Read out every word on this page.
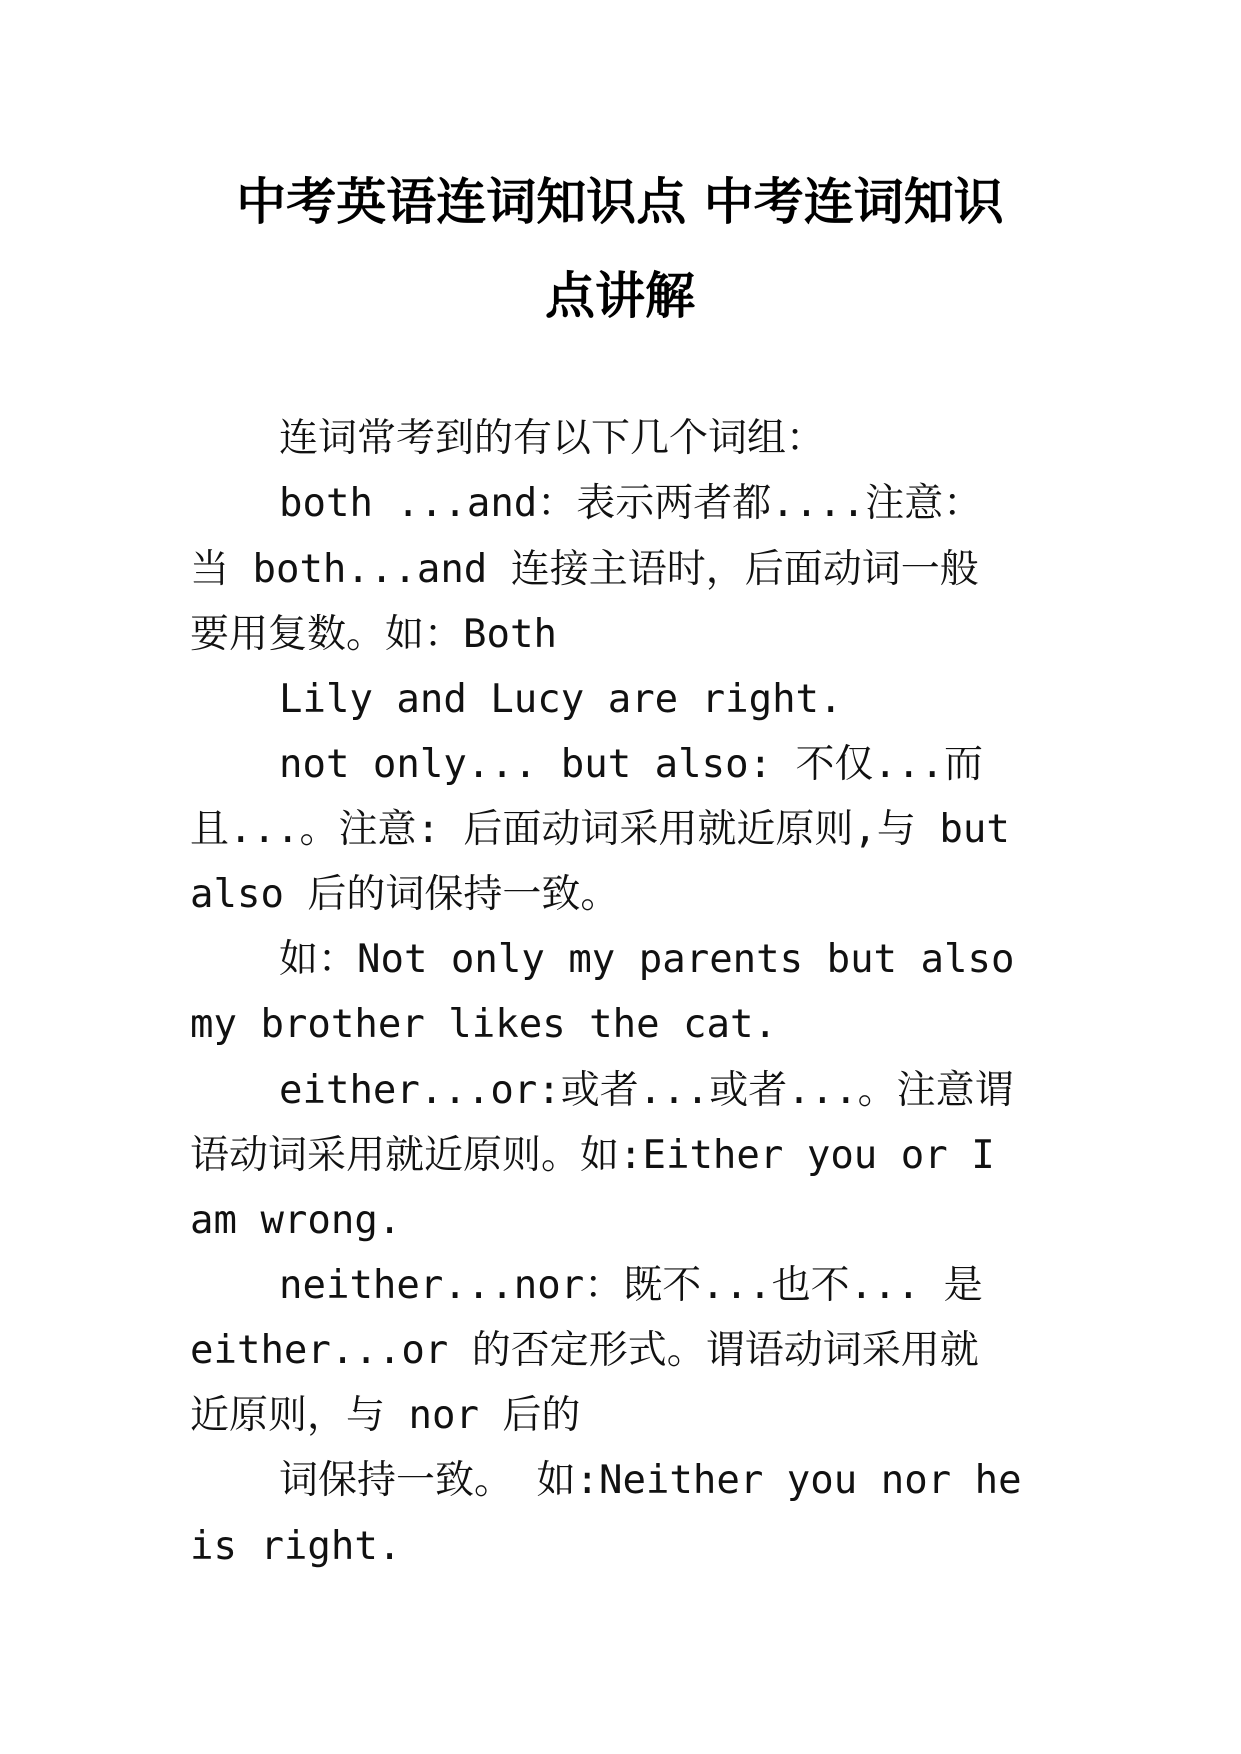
中考英语连词知识点 中考连词知识
点讲解
连词常考到的有以下几个词组：
both ...and：表示两者都....注意：
当 both...and 连接主语时，后面动词一般
要用复数。如：Both
Lily and Lucy are right.
not only... but also: 不仅...而
且...。注意: 后面动词采用就近原则,与 but
also 后的词保持一致。
如：Not only my parents but also
my brother likes the cat.
either...or:或者...或者...。注意谓
语动词采用就近原则。如:Either you or I
am wrong.
neither...nor：既不...也不... 是
either...or 的否定形式。谓语动词采用就
近原则，与 nor 后的
词保持一致。 如:Neither you nor he
is right.
